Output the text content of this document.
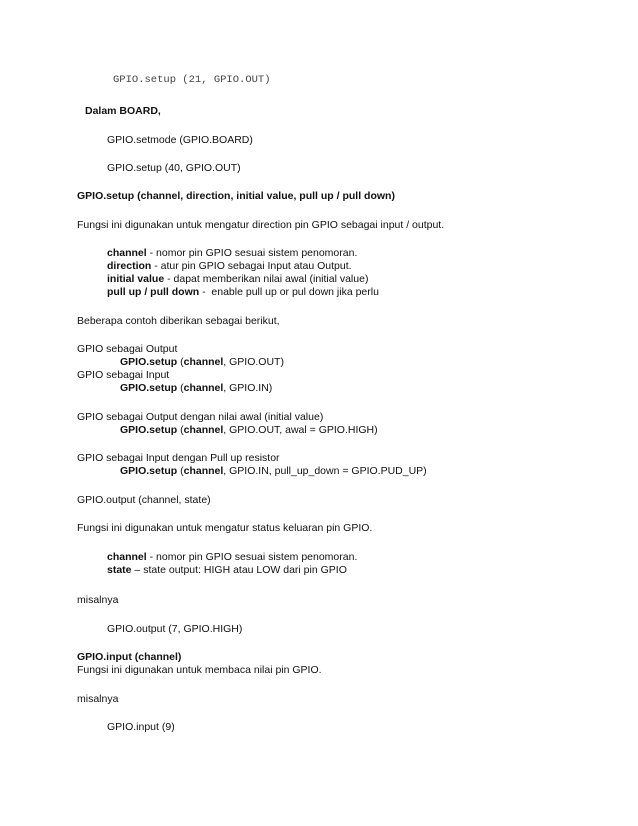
GPIO.setup (21, GPIO.OUT)
Dalam BOARD,
GPIO.setmode (GPIO.BOARD)
GPIO.setup (40, GPIO.OUT)
GPIO.setup (channel, direction, initial value, pull up / pull down)
Fungsi ini digunakan untuk mengatur direction pin GPIO sebagai input / output.
channel - nomor pin GPIO sesuai sistem penomoran.
direction - atur pin GPIO sebagai Input atau Output.
initial value - dapat memberikan nilai awal (initial value)
pull up / pull down -  enable pull up or pul down jika perlu
Beberapa contoh diberikan sebagai berikut,
GPIO sebagai Output
GPIO.setup (channel, GPIO.OUT)
GPIO sebagai Input
GPIO.setup (channel, GPIO.IN)
GPIO sebagai Output dengan nilai awal (initial value)
GPIO.setup (channel, GPIO.OUT, awal = GPIO.HIGH)
GPIO sebagai Input dengan Pull up resistor
GPIO.setup (channel, GPIO.IN, pull_up_down = GPIO.PUD_UP)
GPIO.output (channel, state)
Fungsi ini digunakan untuk mengatur status keluaran pin GPIO.
channel - nomor pin GPIO sesuai sistem penomoran.
state – state output: HIGH atau LOW dari pin GPIO
misalnya
GPIO.output (7, GPIO.HIGH)
GPIO.input (channel)
Fungsi ini digunakan untuk membaca nilai pin GPIO.
misalnya
GPIO.input (9)
